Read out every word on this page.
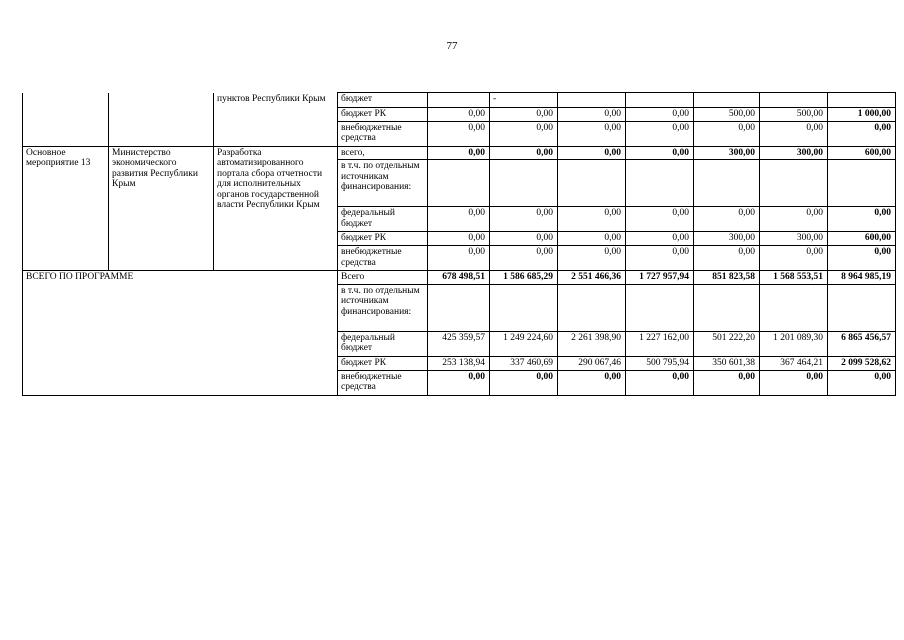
77
		пунктов Республики Крым	бюджет		-					
			бюджет РК	0,00	0,00	0,00	0,00	500,00	500,00	1 000,00
			внебюджетные средства	0,00	0,00	0,00	0,00	0,00	0,00	0,00
Основное мероприятие 13	Министерство экономического развития Республики Крым	Разработка автоматизированного портала сбора отчетности для исполнительных органов государственной власти Республики Крым	всего,	0,00	0,00	0,00	0,00	300,00	300,00	600,00
			в т.ч. по отдельным источникам финансирования:							
			федеральный бюджет	0,00	0,00	0,00	0,00	0,00	0,00	0,00
			бюджет РК	0,00	0,00	0,00	0,00	300,00	300,00	600,00
			внебюджетные средства	0,00	0,00	0,00	0,00	0,00	0,00	0,00
ВСЕГО ПО ПРОГРАММЕ			Всего	678 498,51	1 586 685,29	2 551 466,36	1 727 957,94	851 823,58	1 568 553,51	8 964 985,19
			в т.ч. по отдельным источникам финансирования:							
			федеральный бюджет	425 359,57	1 249 224,60	2 261 398,90	1 227 162,00	501 222,20	1 201 089,30	6 865 456,57
			бюджет РК	253 138,94	337 460,69	290 067,46	500 795,94	350 601,38	367 464,21	2 099 528,62
			внебюджетные средства	0,00	0,00	0,00	0,00	0,00	0,00	0,00
